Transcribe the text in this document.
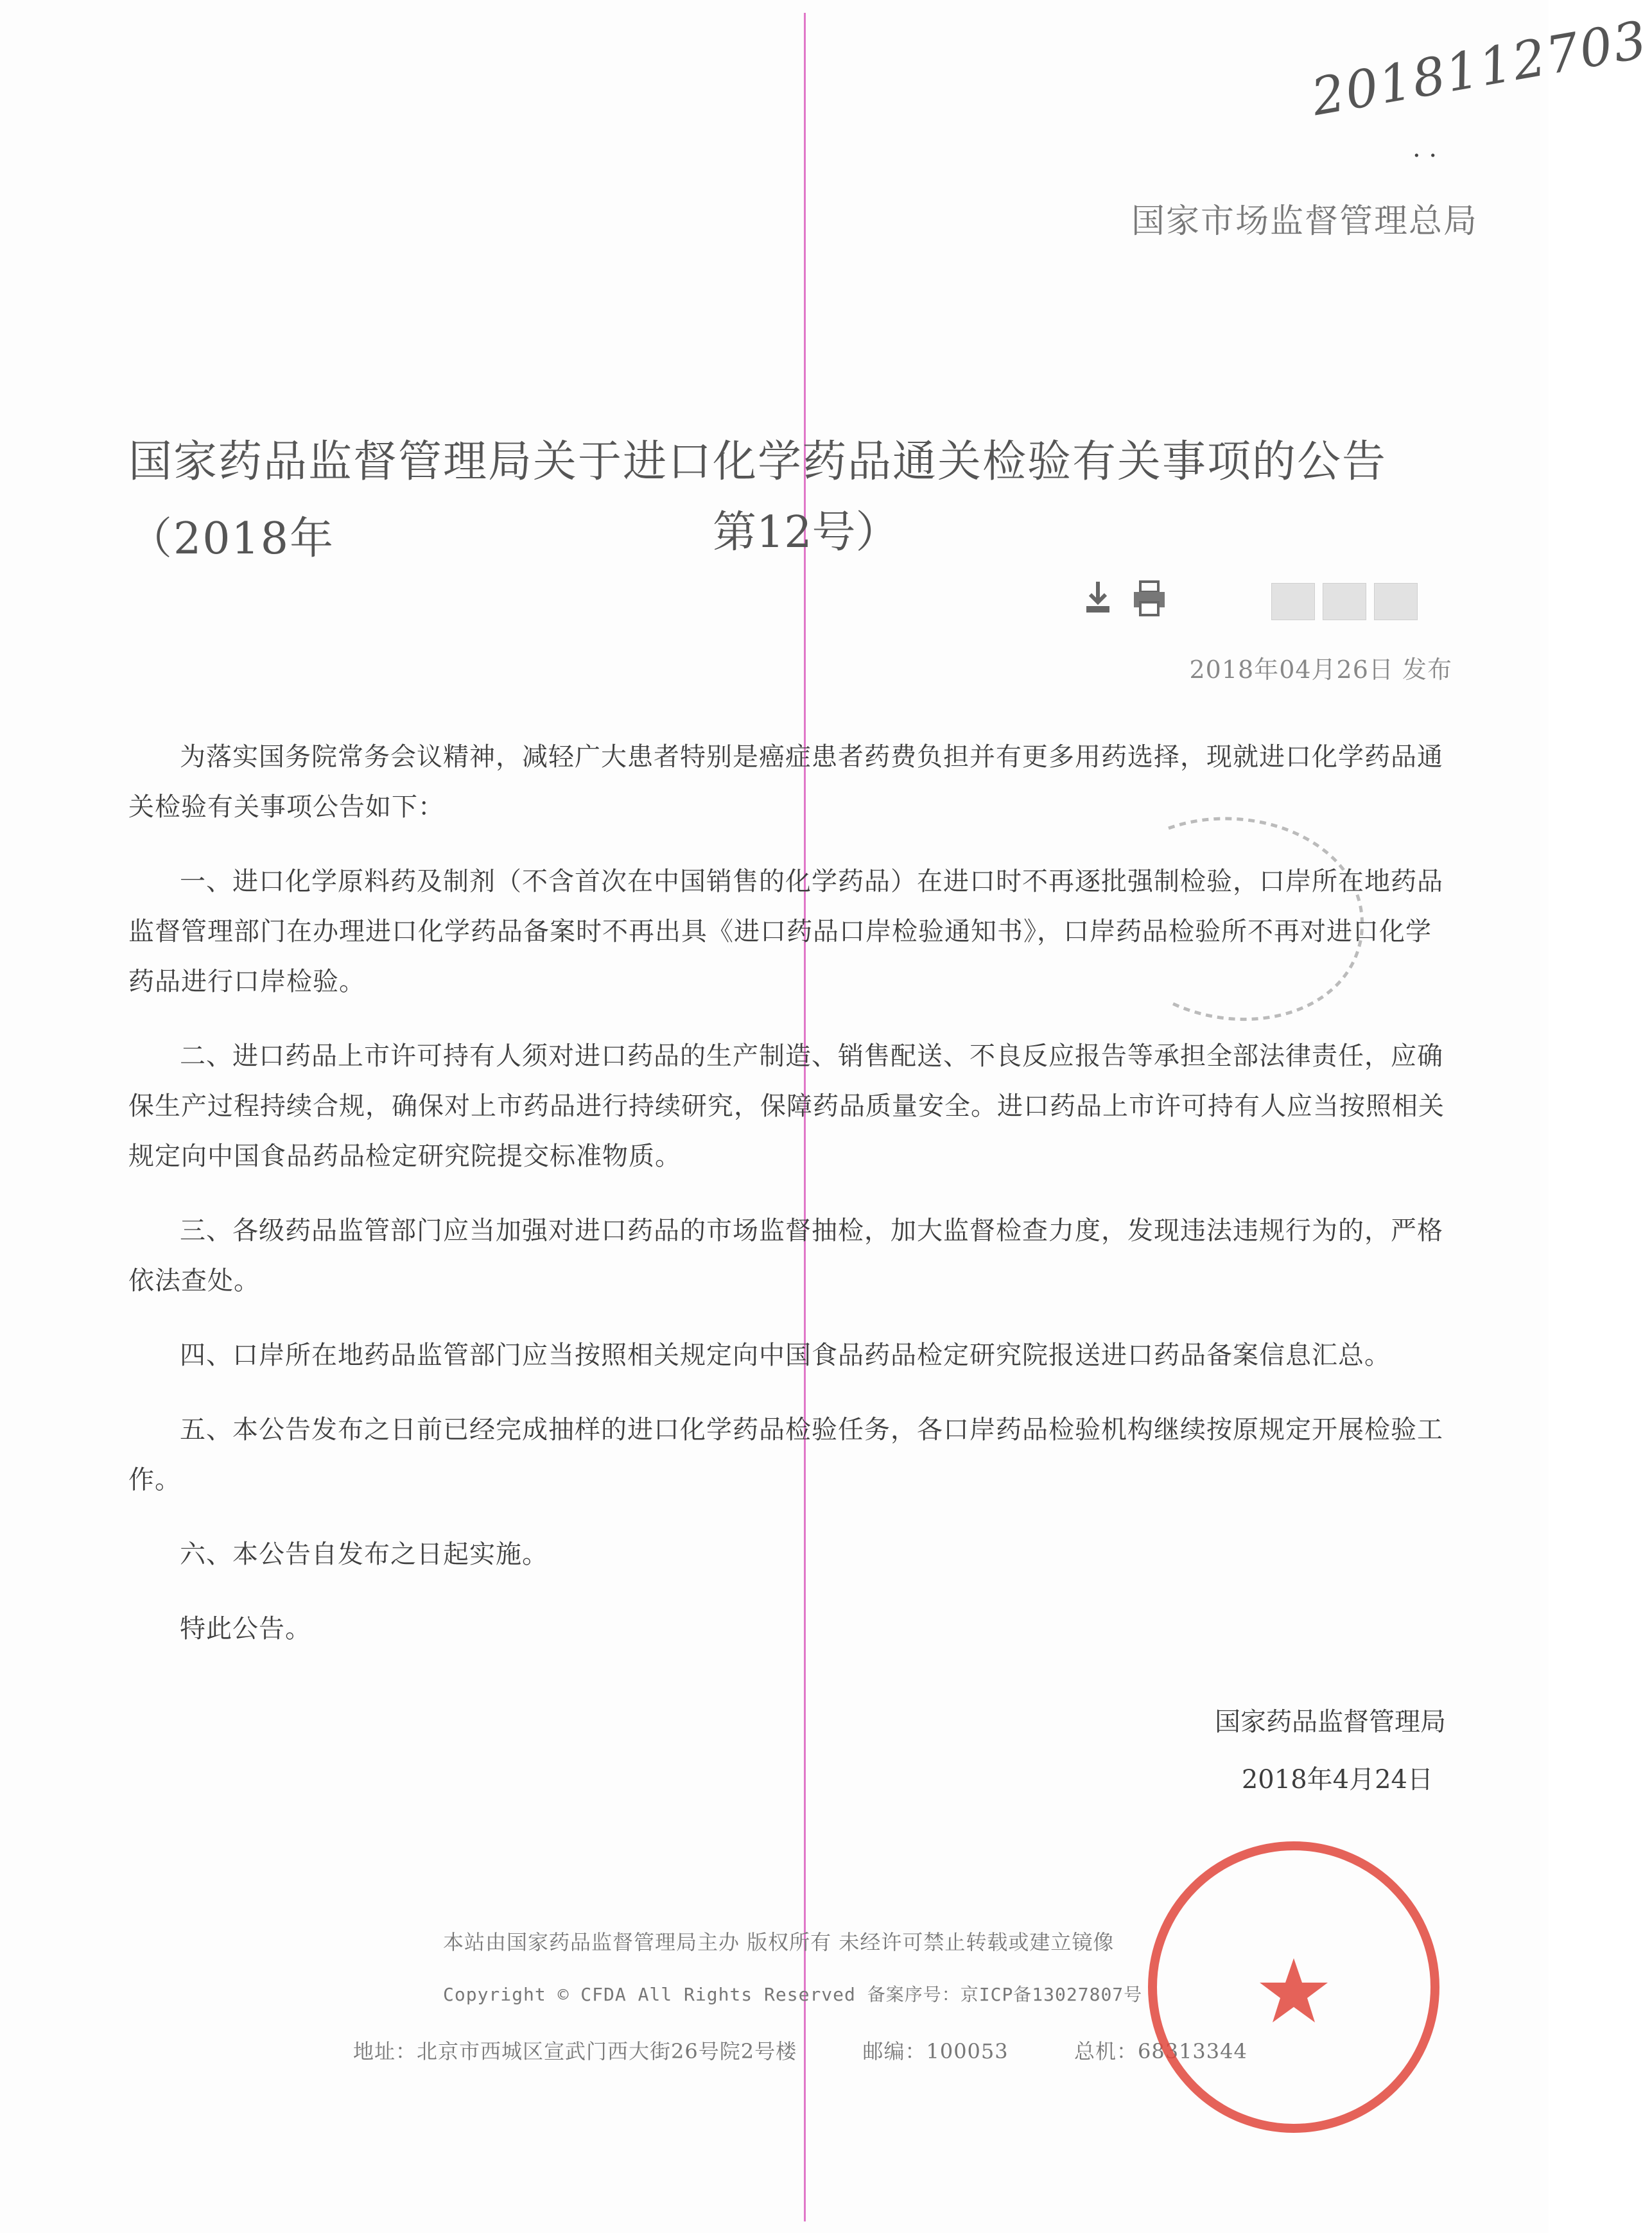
2018112703
· ·
国家市场监督管理总局
国家药品监督管理局关于进口化学药品通关检验有关事项的公告（2018年	第12号）
2018年04月26日 发布

为落实国务院常务会议精神，减轻广大患者特别是癌症患者药费负担并有更多用药选择，现就进口化学药品通关检验有关事项公告如下：

一、进口化学原料药及制剂（不含首次在中国销售的化学药品）在进口时不再逐批强制检验，口岸所在地药品监督管理部门在办理进口化学药品备案时不再出具《进口药品口岸检验通知书》，口岸药品检验所不再对进口化学药品进行口岸检验。

二、进口药品上市许可持有人须对进口药品的生产制造、销售配送、不良反应报告等承担全部法律责任，应确保生产过程持续合规，确保对上市药品进行持续研究，保障药品质量安全。进口药品上市许可持有人应当按照相关规定向中国食品药品检定研究院提交标准物质。

三、各级药品监管部门应当加强对进口药品的市场监督抽检，加大监督检查力度，发现违法违规行为的，严格依法查处。

四、口岸所在地药品监管部门应当按照相关规定向中国食品药品检定研究院报送进口药品备案信息汇总。

五、本公告发布之日前已经完成抽样的进口化学药品检验任务，各口岸药品检验机构继续按原规定开展检验工作。

六、本公告自发布之日起实施。

特此公告。

国家药品监督管理局
2018年4月24日
本站由国家药品监督管理局主办 版权所有 未经许可禁止转载或建立镜像
Copyright © CFDA All Rights Reserved 备案序号：京ICP备13027807号
地址：北京市西城区宣武门西大街26号院2号楼	邮编：100053	总机：68313344
